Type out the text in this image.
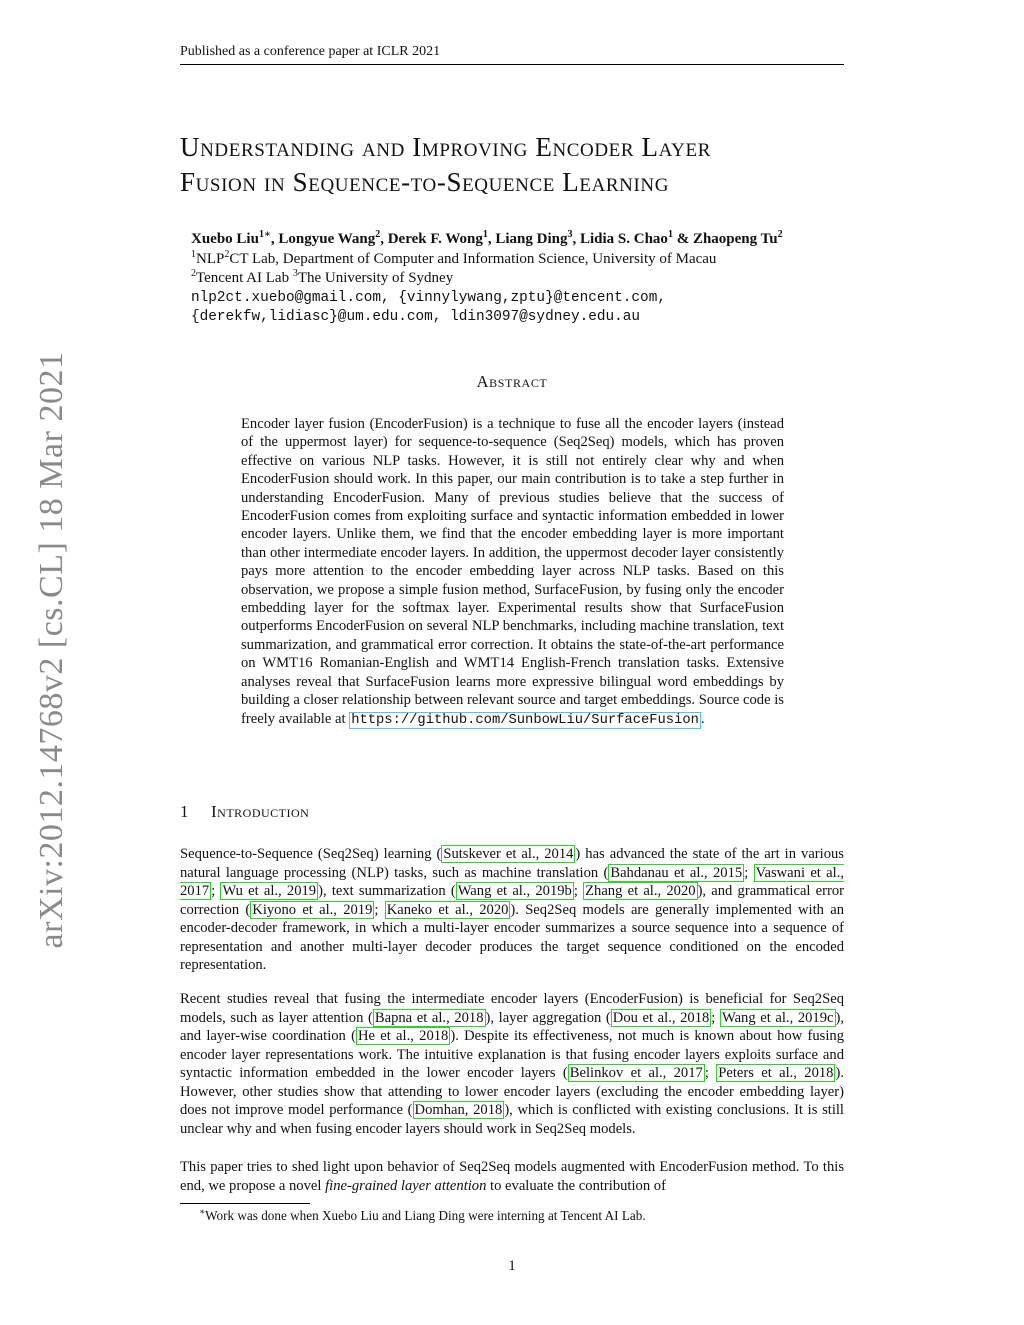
Published as a conference paper at ICLR 2021
arXiv:2012.14768v2 [cs.CL] 18 Mar 2021
Understanding and Improving Encoder Layer
Fusion in Sequence-to-Sequence Learning
Xuebo Liu$^{1∗}$, Longyue Wang$^2$, Derek F. Wong$^1$, Liang Ding$^3$, Lidia S. Chao$^1$ & Zhaopeng Tu$^2$
$^1$NLP$^2$CT Lab, Department of Computer and Information Science, University of Macau
$^2$Tencent AI Lab $^3$The University of Sydney
nlp2ct.xuebo@gmail.com, {vinnylywang,zptu}@tencent.com,
{derekfw,lidiasc}@um.edu.com, ldin3097@sydney.edu.au
Abstract
Encoder layer fusion (EncoderFusion) is a technique to fuse all the encoder layers (instead of the uppermost layer) for sequence-to-sequence (Seq2Seq) models, which has proven effective on various NLP tasks. However, it is still not entirely clear why and when EncoderFusion should work. In this paper, our main contribution is to take a step further in understanding EncoderFusion. Many of previous studies believe that the success of EncoderFusion comes from exploiting surface and syntactic information embedded in lower encoder layers. Unlike them, we find that the encoder embedding layer is more important than other intermediate encoder layers. In addition, the uppermost decoder layer consistently pays more attention to the encoder embedding layer across NLP tasks. Based on this observation, we propose a simple fusion method, SurfaceFusion, by fusing only the encoder embedding layer for the softmax layer. Experimental results show that SurfaceFusion outperforms EncoderFusion on several NLP benchmarks, including machine translation, text summarization, and grammatical error correction. It obtains the state-of-the-art performance on WMT16 Romanian-English and WMT14 English-French translation tasks. Extensive analyses reveal that SurfaceFusion learns more expressive bilingual word embeddings by building a closer relationship between relevant source and target embeddings. Source code is freely available at https://github.com/SunbowLiu/SurfaceFusion .
1 Introduction
Sequence-to-Sequence (Seq2Seq) learning ( Sutskever et al., 2014 ) has advanced the state of the art in various natural language processing (NLP) tasks, such as machine translation ( Bahdanau et al., 2015 ; Vaswani et al., 2017 ; Wu et al., 2019 ), text summarization ( Wang et al., 2019b ; Zhang et al., 2020 ), and grammatical error correction ( Kiyono et al., 2019 ; Kaneko et al., 2020 ). Seq2Seq models are generally implemented with an encoder-decoder framework, in which a multi-layer encoder summarizes a source sequence into a sequence of representation and another multi-layer decoder produces the target sequence conditioned on the encoded representation.
Recent studies reveal that fusing the intermediate encoder layers (EncoderFusion) is beneficial for Seq2Seq models, such as layer attention ( Bapna et al., 2018 ), layer aggregation ( Dou et al., 2018 ; Wang et al., 2019c ), and layer-wise coordination ( He et al., 2018 ). Despite its effectiveness, not much is known about how fusing encoder layer representations work. The intuitive explanation is that fusing encoder layers exploits surface and syntactic information embedded in the lower encoder layers ( Belinkov et al., 2017 ; Peters et al., 2018 ). However, other studies show that attending to lower encoder layers (excluding the encoder embedding layer) does not improve model performance ( Domhan, 2018 ), which is conflicted with existing conclusions. It is still unclear why and when fusing encoder layers should work in Seq2Seq models.
This paper tries to shed light upon behavior of Seq2Seq models augmented with EncoderFusion method. To this end, we propose a novel fine-grained layer attention to evaluate the contribution of
∗Work was done when Xuebo Liu and Liang Ding were interning at Tencent AI Lab.
1
